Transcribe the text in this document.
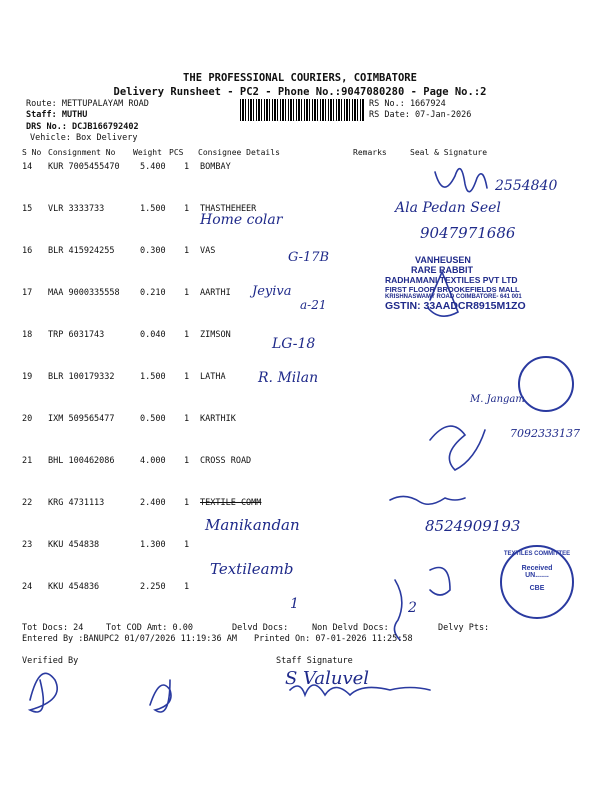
THE PROFESSIONAL COURIERS, COIMBATORE
Delivery Runsheet - PC2 - Phone No.:9047080280 - Page No.:2
Route: METTUPALAYAM ROAD
Staff: MUTHU
DRS No.: DCJB166792402
Vehicle: Box Delivery
RS No.: 1667924
RS Date: 07-Jan-2026
S No Consignment No Weight PCS Consignee Details	Remarks	Seal & Signature
14 KUR 7005455470 5.400 1 BOMBAY
15 VLR 3333733	1.500 1 THASTHEHEER
16 BLR 415924255	0.300 1 VAS
17 MAA 9000335558 0.210 1 AARTHI
18 TRP 6031743	0.040 1 ZIMSON
19 BLR 100179332	1.500 1 LATHA
20 IXM 509565477	0.500 1 KARTHIK
21 BHL 100462086	4.000 1 CROSS ROAD
22 KRG 4731113	2.400 1 TEXTILE COMM
23 KKU 454838	1.300 1
24 KKU 454836	2.250 1
2554840
Home colar
Ala Pedan Seel
9047971686
G-17B
Jeyiva
a-21
LG-18
R. Milan
M. Jangam
7092333137
8524909193
Manikandan
Textileamb
1	2
VANHEUSEN
RARE RABBIT
RADHAMANI TEXTILES PVT LTD
FIRST FLOOR BROOKEFIELDS MALL
KRISHNASWAMY ROAD COIMBATORE- 641 001
GSTIN: 33AADCR8915M1ZO
TEXTILES COMMITTEE
Received
UN.......
CBE
Tot Docs: 24	Tot COD Amt: 0.00	Delvd Docs:	Non Delvd Docs:	Delvy Pts:
Entered By :BANUPC2 01/07/2026 11:19:36 AM Printed On: 07-01-2026 11:25:58
Verified By	Staff Signature
S Valuvel
